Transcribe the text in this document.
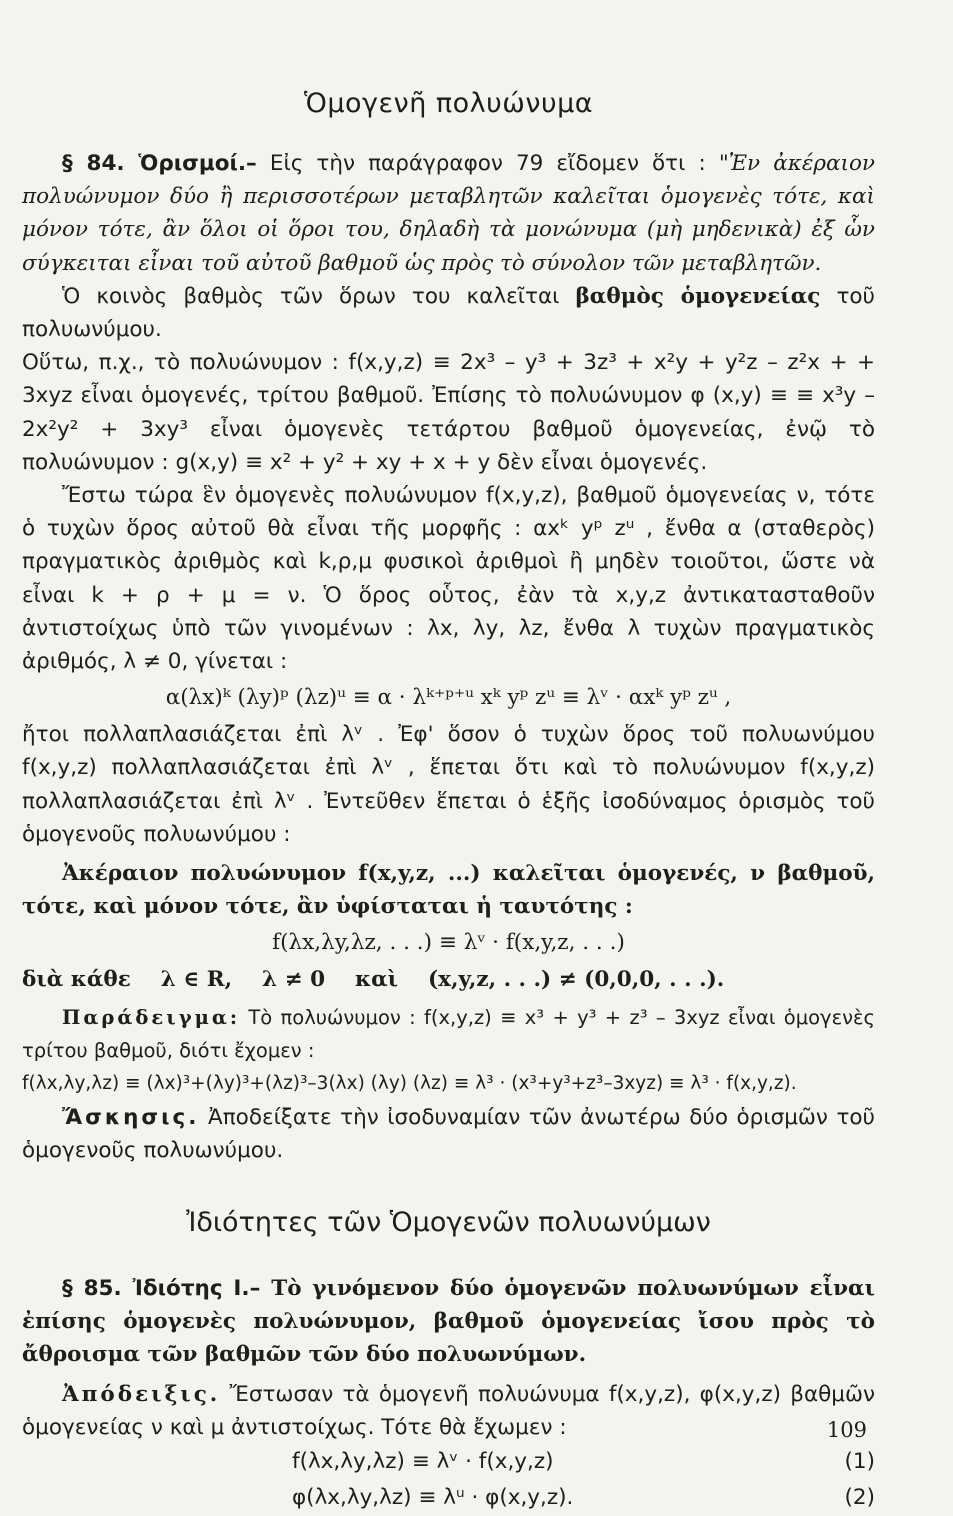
Ὁμογενῆ πολυώνυμα

§ 84. Ὁρισμοί.– Εἰς τὴν παράγραφον 79 εἴδομεν ὅτι : "Ἐν ἀκέραιον πολυώνυμον δύο ἢ περισσοτέρων μεταβλητῶν καλεῖται ὁμογενὲς τότε, καὶ μόνον τότε, ἂν ὅλοι οἱ ὅροι του, δηλαδὴ τὰ μονώνυμα (μὴ μηδενικὰ) ἐξ ὧν σύγκειται εἶναι τοῦ αὐτοῦ βαθμοῦ ὡς πρὸς τὸ σύνολον τῶν μεταβλητῶν.

Ὁ κοινὸς βαθμὸς τῶν ὅρων του καλεῖται βαθμὸς ὁμογενείας τοῦ πολυωνύμου.

Οὕτω, π.χ., τὸ πολυώνυμον : f(x,y,z) ≡ 2x³ – y³ + 3z³ + x²y + y²z – z²x + + 3xyz εἶναι ὁμογενές, τρίτου βαθμοῦ. Ἐπίσης τὸ πολυώνυμον φ (x,y) ≡ ≡ x³y – 2x²y² + 3xy³ εἶναι ὁμογενὲς τετάρτου βαθμοῦ ὁμογενείας, ἐνῷ τὸ πολυώνυμον : g(x,y) ≡ x² + y² + xy + x + y δὲν εἶναι ὁμογενές.

Ἔστω τώρα ἓν ὁμογενὲς πολυώνυμον f(x,y,z), βαθμοῦ ὁμογενείας ν, τότε ὁ τυχὼν ὅρος αὐτοῦ θὰ εἶναι τῆς μορφῆς : αxᵏ yᵖ zᵘ , ἔνθα α (σταθερὸς) πραγματικὸς ἀριθμὸς καὶ k,ρ,μ φυσικοὶ ἀριθμοὶ ἢ μηδὲν τοιοῦτοι, ὥστε νὰ εἶναι k + ρ + μ = ν. Ὁ ὅρος οὗτος, ἐὰν τὰ x,y,z ἀντικατασταθοῦν ἀντιστοίχως ὑπὸ τῶν γινομένων : λx, λy, λz, ἔνθα λ τυχὼν πραγματικὸς ἀριθμός, λ ≠ 0, γίνεται :

α(λx)ᵏ (λy)ᵖ (λz)ᵘ ≡ α · λᵏ⁺ᵖ⁺ᵘ xᵏ yᵖ zᵘ ≡ λᵛ · αxᵏ yᵖ zᵘ ,

ἤτοι πολλαπλασιάζεται ἐπὶ λᵛ . Ἐφ' ὅσον ὁ τυχὼν ὅρος τοῦ πολυωνύμου f(x,y,z) πολλαπλασιάζεται ἐπὶ λᵛ , ἕπεται ὅτι καὶ τὸ πολυώνυμον f(x,y,z) πολλαπλασιάζεται ἐπὶ λᵛ . Ἐντεῦθεν ἕπεται ὁ ἑξῆς ἰσοδύναμος ὁρισμὸς τοῦ ὁμογενοῦς πολυωνύμου :

Ἀκέραιον πολυώνυμον f(x,y,z, ...) καλεῖται ὁμογενές, ν βαθμοῦ, τότε, καὶ μόνον τότε, ἂν ὑφίσταται ἡ ταυτότης :

f(λx,λy,λz, . . .) ≡ λᵛ · f(x,y,z, . . .)
διὰ κάθε    λ ∈ R,    λ ≠ 0    καὶ    (x,y,z, . . .) ≠ (0,0,0, . . .).

Παράδειγμα: Τὸ πολυώνυμον : f(x,y,z) ≡ x³ + y³ + z³ – 3xyz εἶναι ὁμογενὲς τρίτου βαθμοῦ, διότι ἔχομεν :

f(λx,λy,λz) ≡ (λx)³+(λy)³+(λz)³–3(λx) (λy) (λz) ≡ λ³ · (x³+y³+z³–3xyz) ≡ λ³ · f(x,y,z).

Ἄσκησις. Ἀποδείξατε τὴν ἰσοδυναμίαν τῶν ἀνωτέρω δύο ὁρισμῶν τοῦ ὁμογενοῦς πολυωνύμου.

Ἰδιότητες τῶν Ὁμογενῶν πολυωνύμων

§ 85. Ἰδιότης I.– Τὸ γινόμενον δύο ὁμογενῶν πολυωνύμων εἶναι ἐπίσης ὁμογενὲς πολυώνυμον, βαθμοῦ ὁμογενείας ἴσου πρὸς τὸ ἄθροισμα τῶν βαθμῶν τῶν δύο πολυωνύμων.

Ἀπόδειξις. Ἔστωσαν τὰ ὁμογενῆ πολυώνυμα f(x,y,z), φ(x,y,z) βαθμῶν ὁμογενείας ν καὶ μ ἀντιστοίχως. Τότε θὰ ἔχωμεν :

f(λx,λy,λz) ≡ λᵛ · f(x,y,z)	(1)
φ(λx,λy,λz) ≡ λᵘ · φ(x,y,z).	(2)
109
